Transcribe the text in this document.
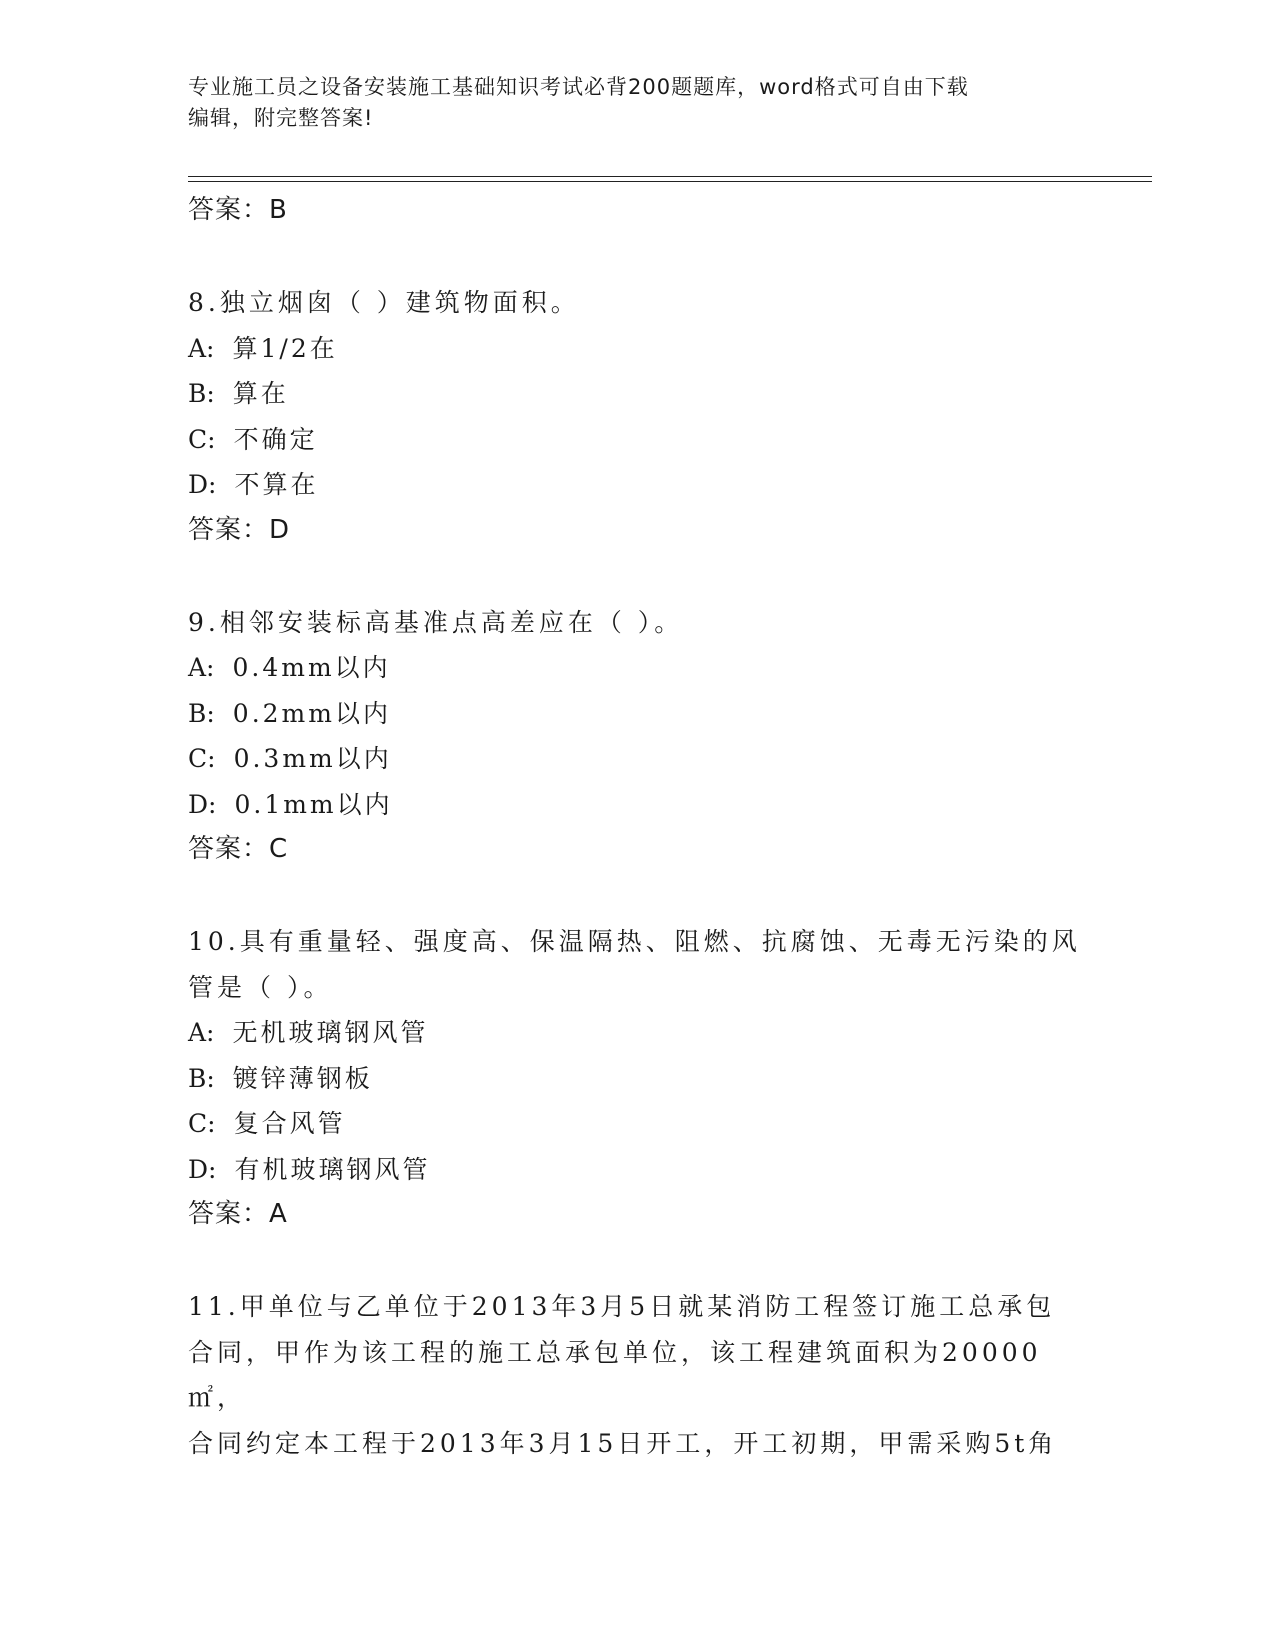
专业施工员之设备安装施工基础知识考试必背200题题库，word格式可自由下载
编辑，附完整答案!
答案：B
8.独立烟囱（ ）建筑物面积。
A: 算1/2在
B: 算在
C: 不确定
D: 不算在
答案：D
9.相邻安装标高基准点高差应在（ ）。
A: 0.4mm以内
B: 0.2mm以内
C: 0.3mm以内
D: 0.1mm以内
答案：C
10.具有重量轻、强度高、保温隔热、阻燃、抗腐蚀、无毒无污染的风
管是（ ）。
A: 无机玻璃钢风管
B: 镀锌薄钢板
C: 复合风管
D: 有机玻璃钢风管
答案：A
11.甲单位与乙单位于2013年3月5日就某消防工程签订施工总承包
合同，甲作为该工程的施工总承包单位，该工程建筑面积为20000㎡，
合同约定本工程于2013年3月15日开工，开工初期，甲需采购5t角
